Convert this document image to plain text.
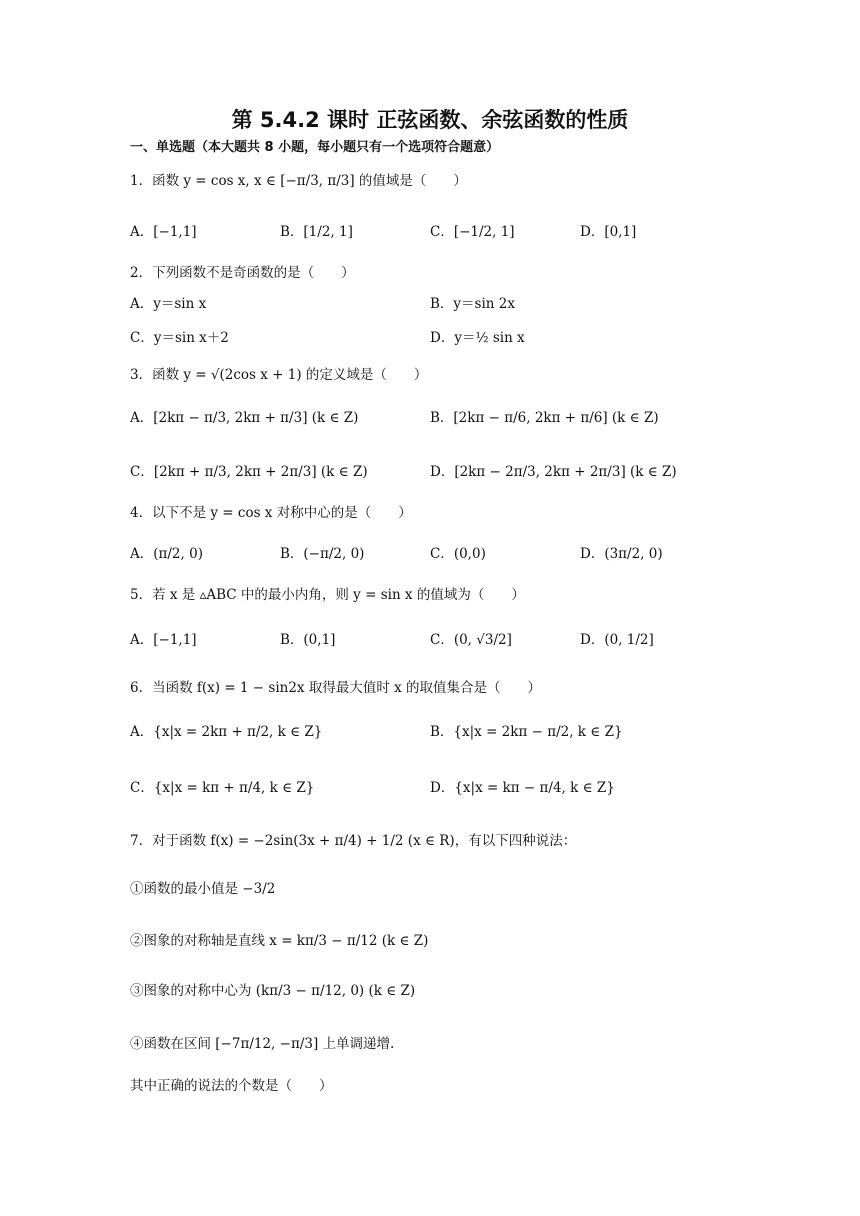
第 5.4.2 课时 正弦函数、余弦函数的性质
一、单选题（本大题共 8 小题，每小题只有一个选项符合题意）
1．函数 y = cos x, x ∈ [−π/3, π/3] 的值域是（　　）
A．[−1,1]	B．[1/2, 1]	C．[−1/2, 1]	D．[0,1]
2．下列函数不是奇函数的是（　　）
A．y＝sin x	B．y＝sin 2x
C．y＝sin x＋2	D．y＝½ sin x
3．函数 y = √(2cos x + 1) 的定义域是（　　）
A．[2kπ − π/3, 2kπ + π/3] (k ∈ Z)	B．[2kπ − π/6, 2kπ + π/6] (k ∈ Z)
C．[2kπ + π/3, 2kπ + 2π/3] (k ∈ Z)	D．[2kπ − 2π/3, 2kπ + 2π/3] (k ∈ Z)
4．以下不是 y = cos x 对称中心的是（　　）
A．(π/2, 0)	B．(−π/2, 0)	C．(0,0)	D．(3π/2, 0)
5．若 x 是 ▵ABC 中的最小内角，则 y = sin x 的值域为（　　）
A．[−1,1]	B．(0,1]	C．(0, √3/2]	D．(0, 1/2]
6．当函数 f(x) = 1 − sin2x 取得最大值时 x 的取值集合是（　　）
A．{x|x = 2kπ + π/2, k ∈ Z}	B．{x|x = 2kπ − π/2, k ∈ Z}
C．{x|x = kπ + π/4, k ∈ Z}	D．{x|x = kπ − π/4, k ∈ Z}
7．对于函数 f(x) = −2sin(3x + π/4) + 1/2 (x ∈ R)，有以下四种说法：
①函数的最小值是 −3/2
②图象的对称轴是直线 x = kπ/3 − π/12 (k ∈ Z)
③图象的对称中心为 (kπ/3 − π/12, 0) (k ∈ Z)
④函数在区间 [−7π/12, −π/3] 上单调递增.
其中正确的说法的个数是（　　）
